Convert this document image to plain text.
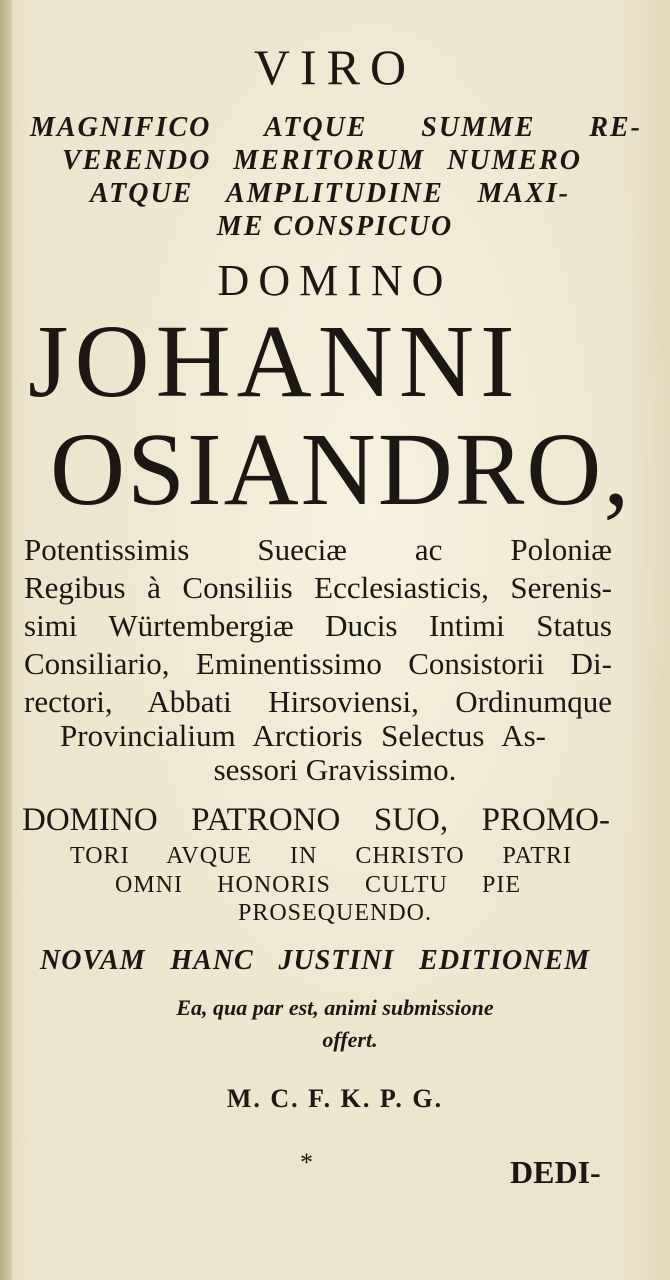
VIRO
MAGNIFICO ATQUE SUMME RE-
VERENDO MERITORUM NUMERO
ATQUE AMPLITUDINE MAXI-
ME CONSPICUO
DOMINO
JOHANNI
OSIANDRO,
Potentissimis Sueciæ ac Poloniæ
Regibus à Consiliis Ecclesiasticis, Serenis-
simi Würtembergiæ Ducis Intimi Status
Consiliario, Eminentissimo Consistorii Di-
rectori, Abbati Hirsoviensi, Ordinumque
Provincialium Arctioris Selectus As-
sessori Gravissimo.
DOMINO PATRONO SUO, PROMO-
TORI AVQUE IN CHRISTO PATRI
OMNI HONORIS CULTU PIE
PROSEQUENDO.
NOVAM HANC JUSTINI EDITIONEM
Ea, qua par est, animi submissione
offert.
M. C. F. K. P. G.
*	DEDI-
